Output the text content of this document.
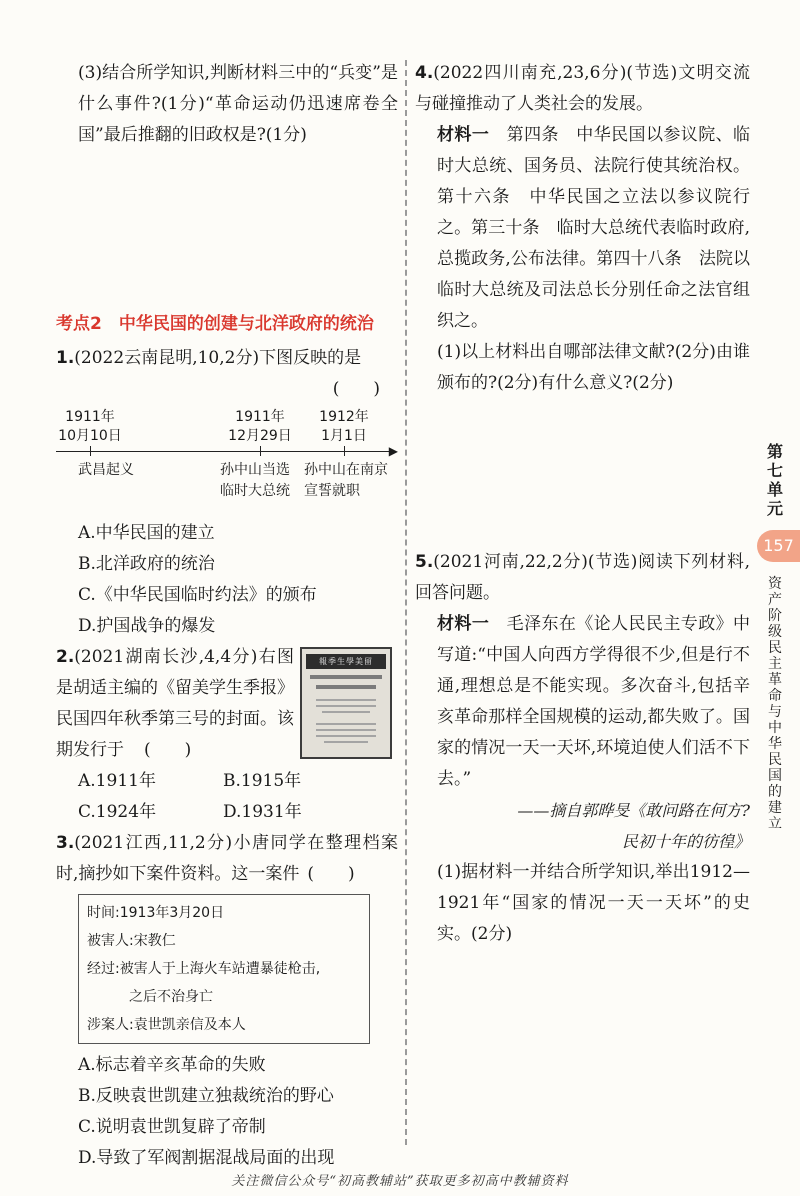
(3)结合所学知识,判断材料三中的“兵变”是什么事件?(1分)“革命运动仍迅速席卷全国”最后推翻的旧政权是?(1分)

考点2　中华民国的创建与北洋政府的统治

1.(2022云南昆明,10,2分)下图反映的是

(　　)
1911年
10月10日
1911年
12月29日
1912年
1月1日
▶
武昌起义	孙中山当选
临时大总统
孙中山在南京
宣誓就职

A.中华民国的建立

B.北洋政府的统治

C.《中华民国临时约法》的颁布

D.护国战争的爆发

2.(2021湖南长沙,4,4分)右图是胡适主编的《留美学生季报》民国四年秋季第三号的封面。该期发行于 (　　)

報季生學美留
A.1911年	B.1915年
C.1924年	D.1931年

3.(2021江西,11,2分)小唐同学在整理档案时,摘抄如下案件资料。这一案件 (　　)

时间:1913年3月20日
被害人:宋教仁
经过:被害人于上海火车站遭暴徒枪击,
之后不治身亡
涉案人:袁世凯亲信及本人

A.标志着辛亥革命的失败

B.反映袁世凯建立独裁统治的野心

C.说明袁世凯复辟了帝制

D.导致了军阀割据混战局面的出现

4.(2022四川南充,23,6分)(节选)文明交流与碰撞推动了人类社会的发展。

材料一　第四条　中华民国以参议院、临时大总统、国务员、法院行使其统治权。第十六条　中华民国之立法以参议院行之。第三十条　临时大总统代表临时政府,总揽政务,公布法律。第四十八条　法院以临时大总统及司法总长分别任命之法官组织之。

(1)以上材料出自哪部法律文献?(2分)由谁颁布的?(2分)有什么意义?(2分)

5.(2021河南,22,2分)(节选)阅读下列材料,回答问题。

材料一　毛泽东在《论人民民主专政》中写道:“中国人向西方学得很不少,但是行不通,理想总是不能实现。多次奋斗,包括辛亥革命那样全国规模的运动,都失败了。国家的情况一天一天坏,环境迫使人们活不下去。”

——摘自郭晔旻《敢问路在何方?

民初十年的彷徨》

(1)据材料一并结合所学知识,举出1912—1921年“国家的情况一天一天坏”的史实。(2分)

第七单元
157
资产阶级民主革命与中华民国的建立
关注微信公众号“初高教辅站”获取更多初高中教辅资料
